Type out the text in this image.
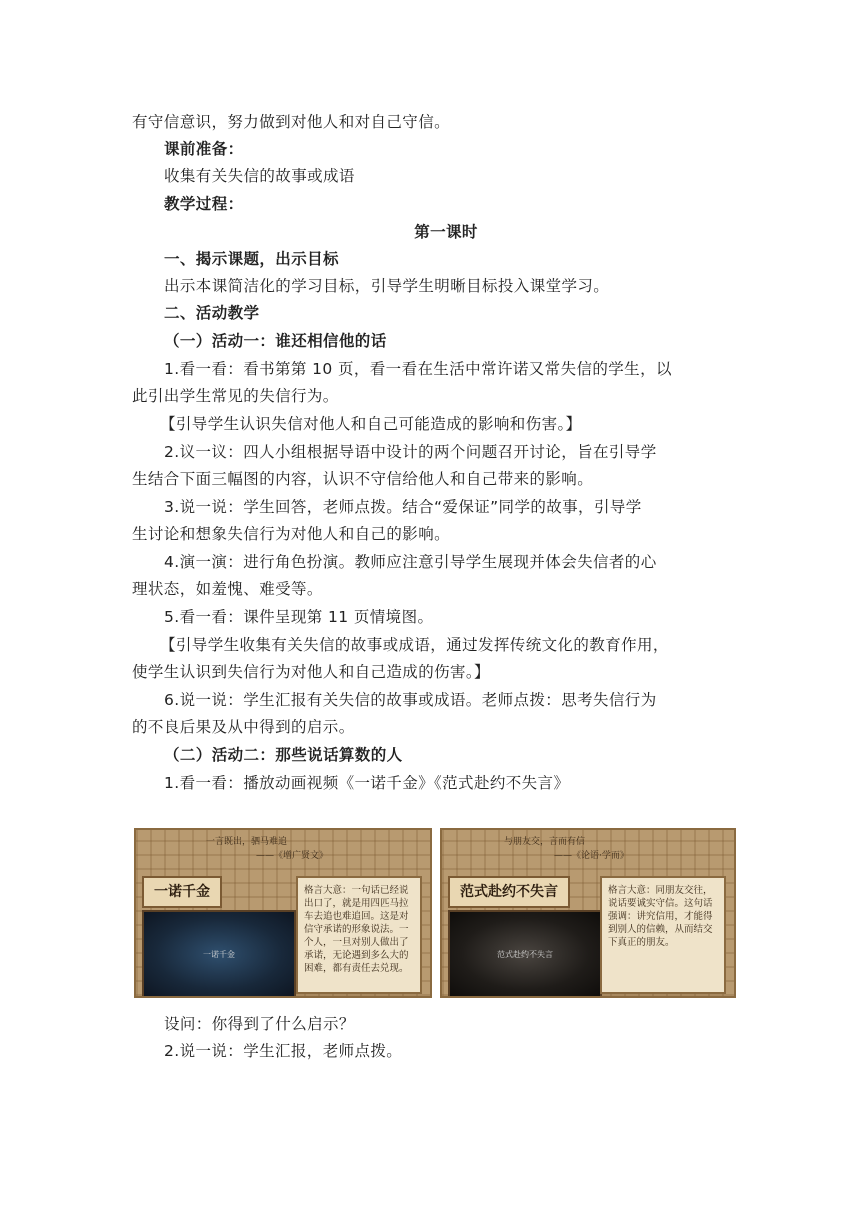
有守信意识，努力做到对他人和对自己守信。
课前准备：
收集有关失信的故事或成语
教学过程：
第一课时
一、揭示课题，出示目标
出示本课简洁化的学习目标，引导学生明晰目标投入课堂学习。
二、活动教学
（一）活动一：谁还相信他的话
1.看一看：看书第第 10 页，看一看在生活中常许诺又常失信的学生，以
此引出学生常见的失信行为。
【引导学生认识失信对他人和自己可能造成的影响和伤害。】
2.议一议：四人小组根据导语中设计的两个问题召开讨论，旨在引导学
生结合下面三幅图的内容，认识不守信给他人和自己带来的影响。
3.说一说：学生回答，老师点拨。结合“爱保证”同学的故事，引导学
生讨论和想象失信行为对他人和自己的影响。
4.演一演：进行角色扮演。教师应注意引导学生展现并体会失信者的心
理状态，如羞愧、难受等。
5.看一看：课件呈现第 11 页情境图。
【引导学生收集有关失信的故事或成语，通过发挥传统文化的教育作用，
使学生认识到失信行为对他人和自己造成的伤害。】
6.说一说：学生汇报有关失信的故事或成语。老师点拨：思考失信行为
的不良后果及从中得到的启示。
（二）活动二：那些说话算数的人
1.看一看：播放动画视频《一诺千金》《范式赴约不失言》
一言既出，驷马难追
——《增广贤文》
一诺千金
一诺千金
格言大意：一句话已经说出口了，就是用四匹马拉车去追也难追回。这是对信守承诺的形象说法。一个人，一旦对别人做出了承诺，无论遇到多么大的困难，都有责任去兑现。
与朋友交，言而有信
——《论语·学而》
范式赴约不失言
范式赴约不失言
格言大意：同朋友交往，说话要诚实守信。这句话强调：讲究信用，才能得到别人的信赖，从而结交下真正的朋友。
设问：你得到了什么启示？
2.说一说：学生汇报，老师点拨。
